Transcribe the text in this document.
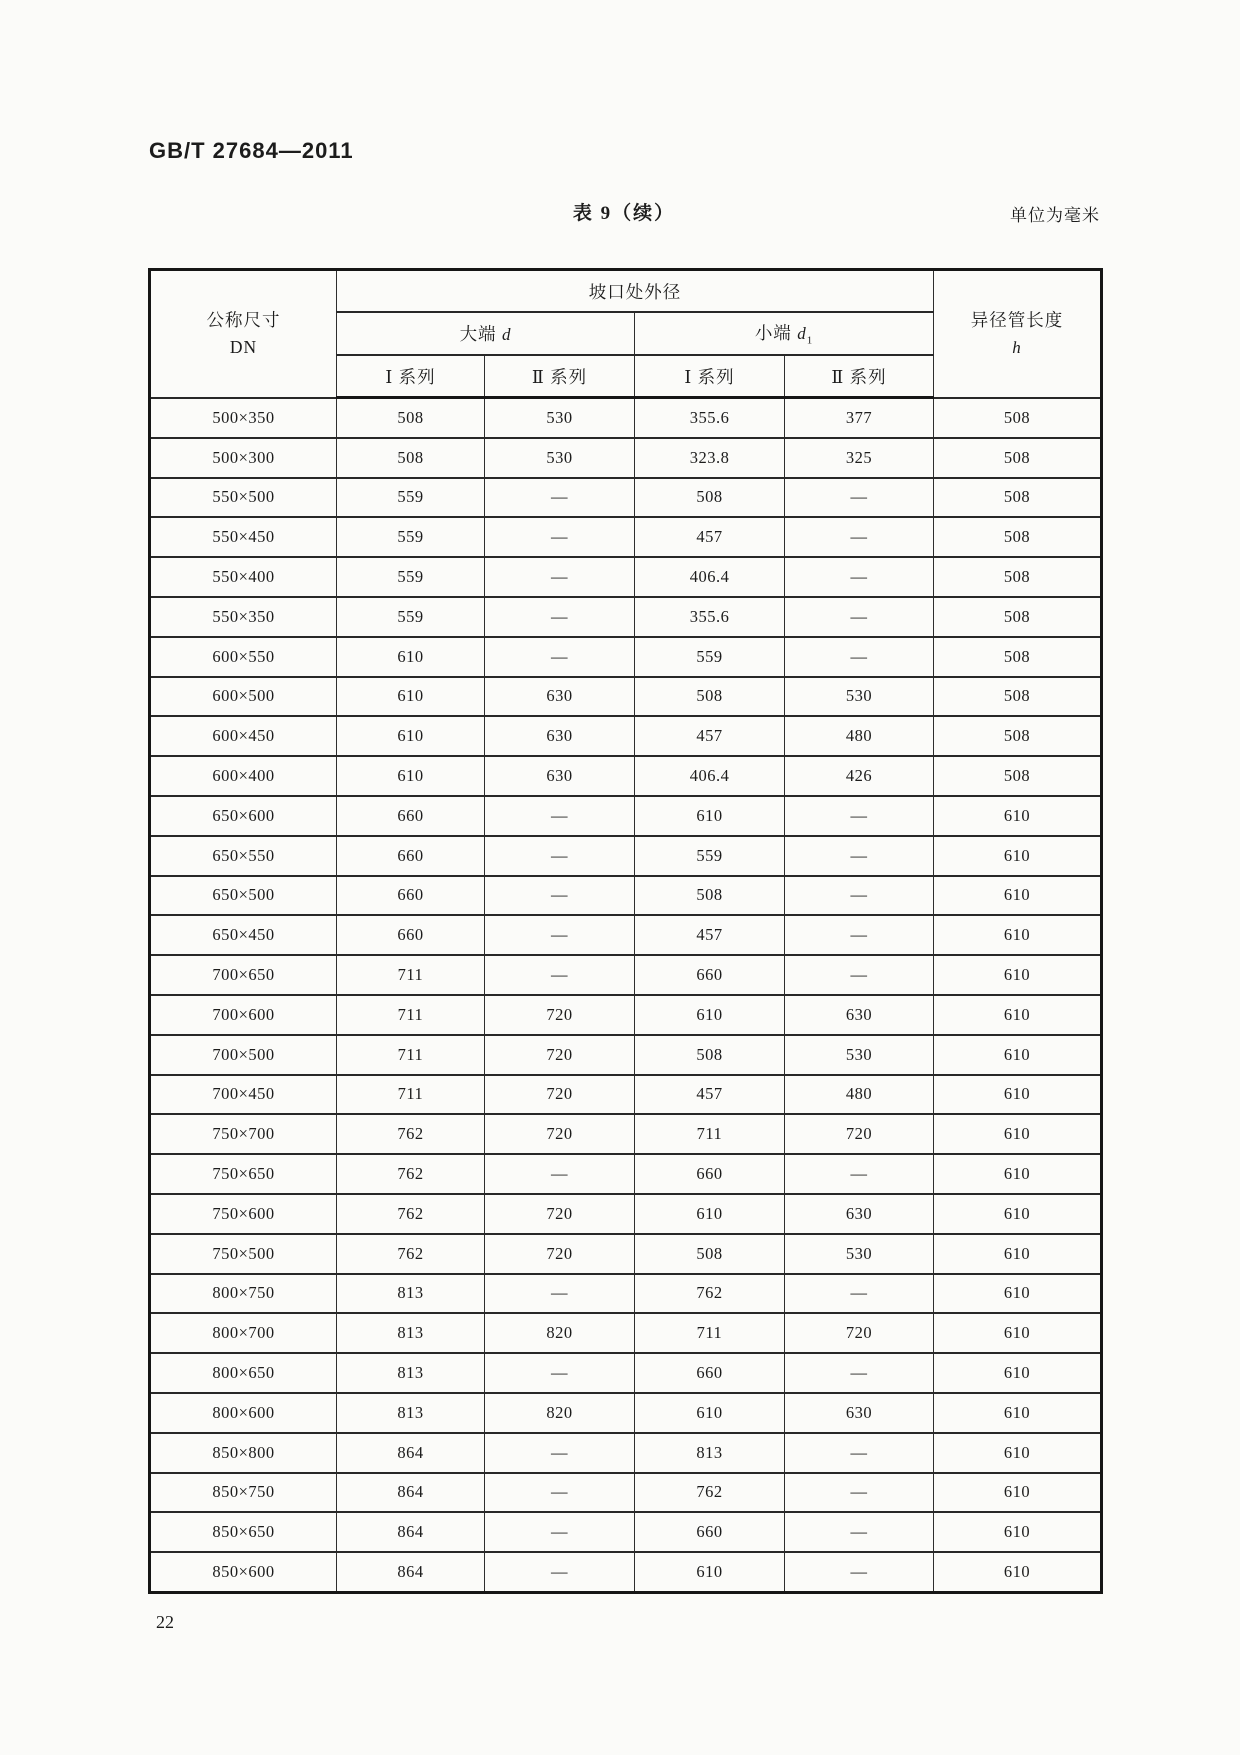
GB/T 27684—2011
表 9（续）	单位为毫米
公称尺寸
DN
	坡口处外径	
异径管长度
h

	大端 d		小端 $d_1$
	Ⅰ 系列	Ⅱ 系列	Ⅰ 系列	Ⅱ 系列	
500×350	508	530	355.6	377	508
500×300	508	530	323.8	325	508
550×500	559	—	508	—	508
550×450	559	—	457	—	508
550×400	559	—	406.4	—	508
550×350	559	—	355.6	—	508
600×550	610	—	559	—	508
600×500	610	630	508	530	508
600×450	610	630	457	480	508
600×400	610	630	406.4	426	508
650×600	660	—	610	—	610
650×550	660	—	559	—	610
650×500	660	—	508	—	610
650×450	660	—	457	—	610
700×650	711	—	660	—	610
700×600	711	720	610	630	610
700×500	711	720	508	530	610
700×450	711	720	457	480	610
750×700	762	720	711	720	610
750×650	762	—	660	—	610
750×600	762	720	610	630	610
750×500	762	720	508	530	610
800×750	813	—	762	—	610
800×700	813	820	711	720	610
800×650	813	—	660	—	610
800×600	813	820	610	630	610
850×800	864	—	813	—	610
850×750	864	—	762	—	610
850×650	864	—	660	—	610
850×600	864	—	610	—	610
22
